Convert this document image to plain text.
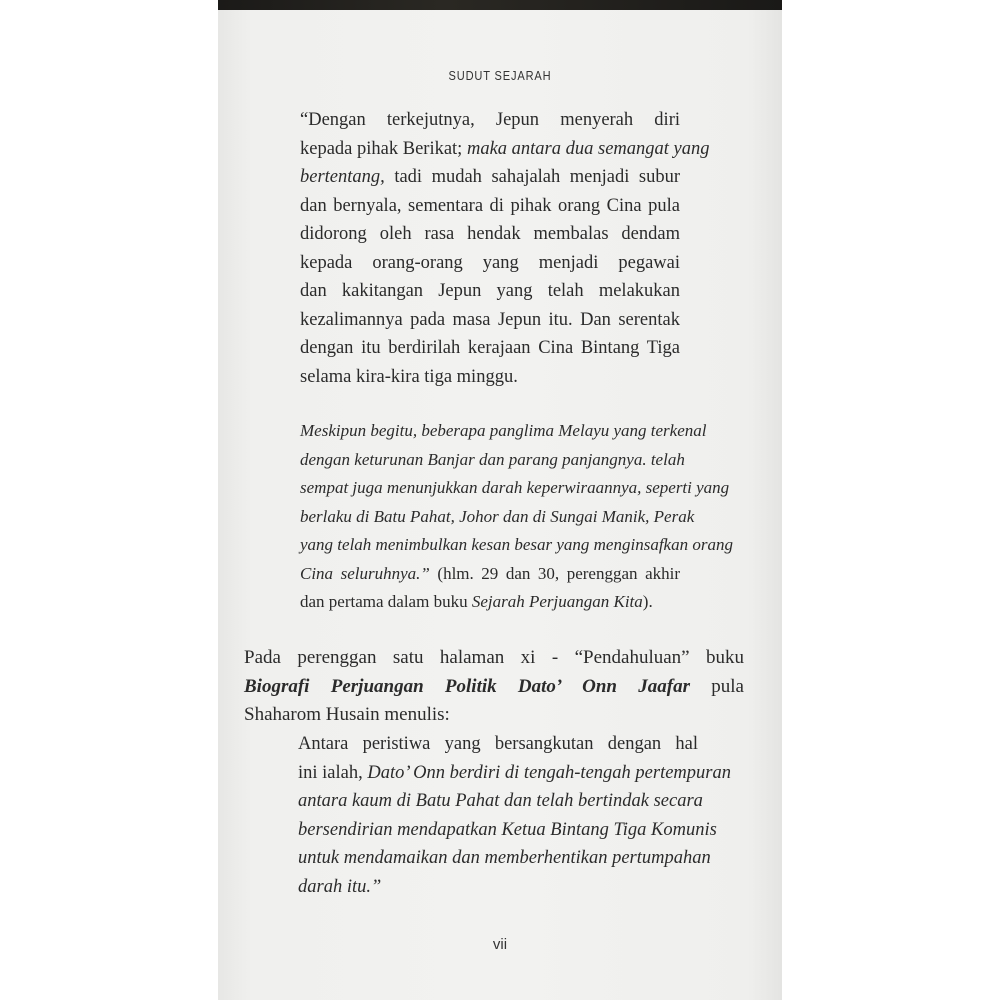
SUDUT SEJARAH
“Dengan terkejutnya, Jepun menyerah diri
kepada pihak Berikat; maka antara dua semangat yang
bertentang, tadi mudah sahajalah menjadi subur
dan bernyala, sementara di pihak orang Cina pula
didorong oleh rasa hendak membalas dendam
kepada orang-orang yang menjadi pegawai
dan kakitangan Jepun yang telah melakukan
kezalimannya pada masa Jepun itu. Dan serentak
dengan itu berdirilah kerajaan Cina Bintang Tiga
selama kira-kira tiga minggu.
Meskipun begitu, beberapa panglima Melayu yang terkenal
dengan keturunan Banjar dan parang panjangnya. telah
sempat juga menunjukkan darah keperwiraannya, seperti yang
berlaku di Batu Pahat, Johor dan di Sungai Manik, Perak
yang telah menimbulkan kesan besar yang menginsafkan orang
Cina seluruhnya.” (hlm. 29 dan 30, perenggan akhir
dan pertama dalam buku Sejarah Perjuangan Kita).
Pada perenggan satu halaman xi - “Pendahuluan” buku
Biografi Perjuangan Politik Dato’ Onn Jaafar pula
Shaharom Husain menulis:
Antara peristiwa yang bersangkutan dengan hal
ini ialah, Dato’ Onn berdiri di tengah-tengah pertempuran
antara kaum di Batu Pahat dan telah bertindak secara
bersendirian mendapatkan Ketua Bintang Tiga Komunis
untuk mendamaikan dan memberhentikan pertumpahan
darah itu.”
vii
